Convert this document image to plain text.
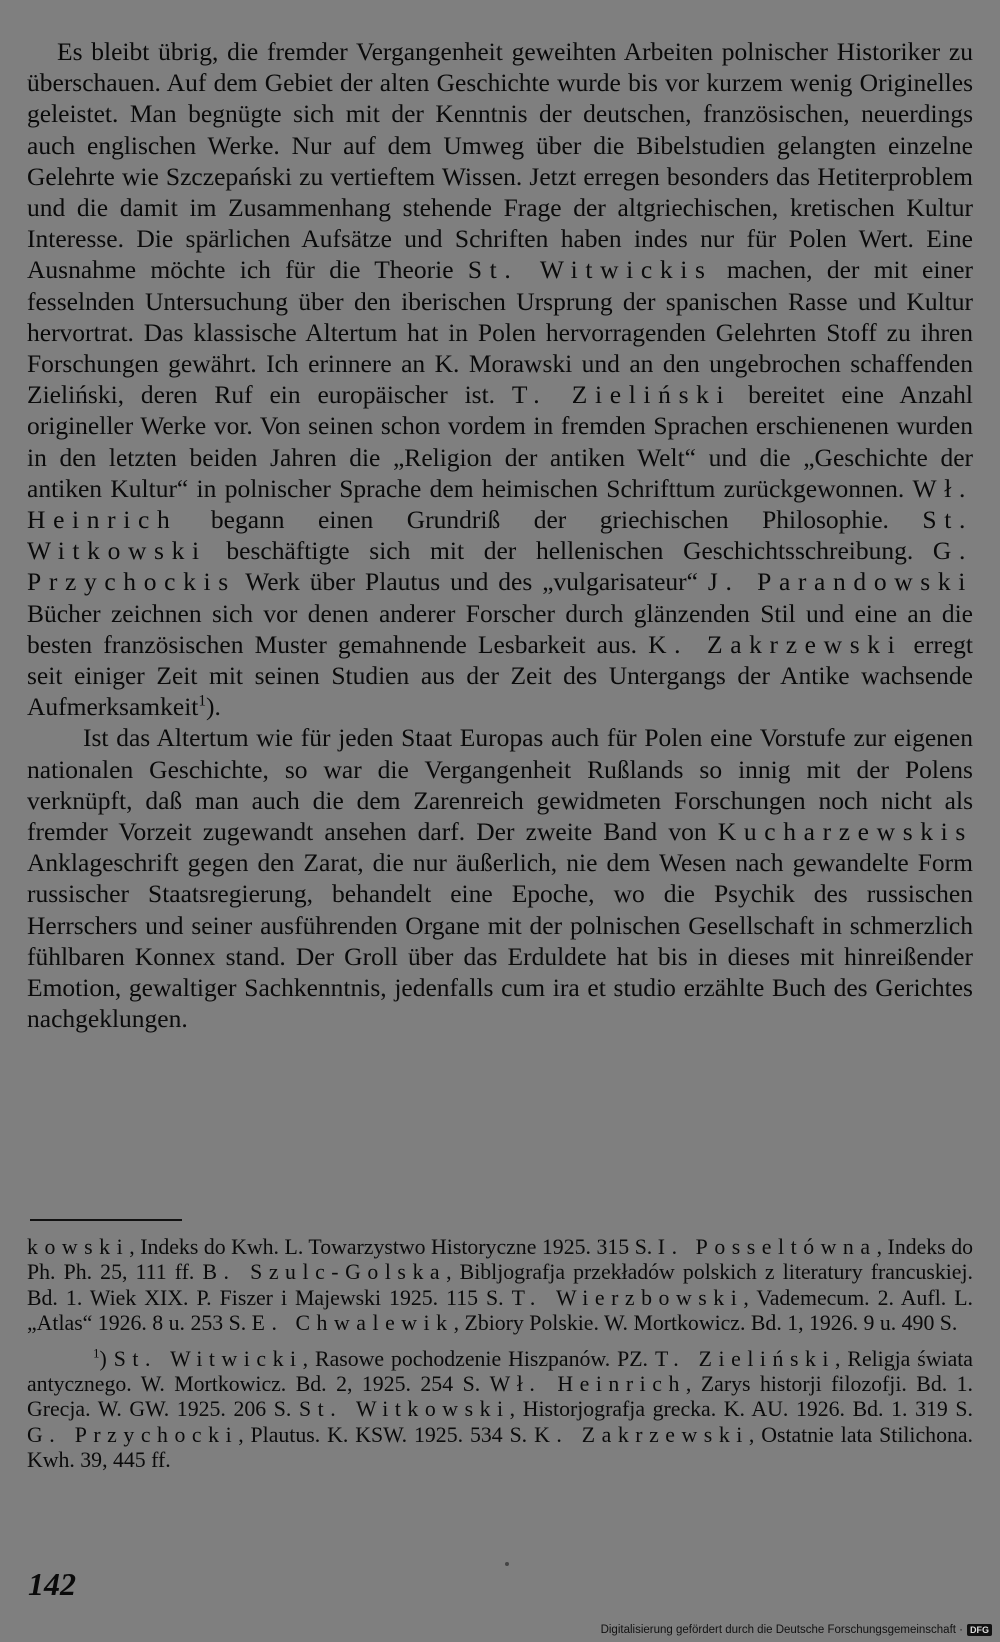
Es bleibt übrig, die fremder Vergangenheit geweihten Arbeiten polnischer Historiker zu überschauen. Auf dem Gebiet der alten Geschichte wurde bis vor kurzem wenig Originelles geleistet. Man begnügte sich mit der Kenntnis der deutschen, französischen, neuerdings auch englischen Werke. Nur auf dem Umweg über die Bibelstudien gelangten einzelne Gelehrte wie Szczepański zu vertieftem Wissen. Jetzt erregen besonders das Hetiterproblem und die damit im Zusammenhang stehende Frage der altgriechischen, kretischen Kultur Interesse. Die spärlichen Aufsätze und Schriften haben indes nur für Polen Wert. Eine Ausnahme möchte ich für die Theorie St. Witwickis machen, der mit einer fesselnden Untersuchung über den iberischen Ursprung der spanischen Rasse und Kultur hervortrat. Das klassische Altertum hat in Polen hervorragenden Gelehrten Stoff zu ihren Forschungen gewährt. Ich erinnere an K. Morawski und an den ungebrochen schaffenden Zieliński, deren Ruf ein europäischer ist. T. Zieliński bereitet eine Anzahl origineller Werke vor. Von seinen schon vordem in fremden Sprachen erschienenen wurden in den letzten beiden Jahren die „Religion der antiken Welt“ und die „Geschichte der antiken Kultur“ in polnischer Sprache dem heimischen Schrifttum zurückgewonnen. Wł. Heinrich begann einen Grundriß der griechischen Philosophie. St. Witkowski beschäftigte sich mit der hellenischen Geschichtsschreibung. G. Przychockis Werk über Plautus und des „vulgarisateur“ J. Parandowski Bücher zeichnen sich vor denen anderer Forscher durch glänzenden Stil und eine an die besten französischen Muster gemahnende Lesbarkeit aus. K. Zakrzewski erregt seit einiger Zeit mit seinen Studien aus der Zeit des Untergangs der Antike wachsende Aufmerksamkeit$^1$).

Ist das Altertum wie für jeden Staat Europas auch für Polen eine Vorstufe zur eigenen nationalen Geschichte, so war die Vergangenheit Rußlands so innig mit der Polens verknüpft, daß man auch die dem Zarenreich gewidmeten Forschungen noch nicht als fremder Vorzeit zugewandt ansehen darf. Der zweite Band von Kucharzewskis Anklageschrift gegen den Zarat, die nur äußerlich, nie dem Wesen nach gewandelte Form russischer Staatsregierung, behandelt eine Epoche, wo die Psychik des russischen Herrschers und seiner ausführenden Organe mit der polnischen Gesellschaft in schmerzlich fühlbaren Konnex stand. Der Groll über das Erduldete hat bis in dieses mit hinreißender Emotion, gewaltiger Sachkenntnis, jedenfalls cum ira et studio erzählte Buch des Gerichtes nachgeklungen.

kowski, Indeks do Kwh. L. Towarzystwo Historyczne 1925. 315 S. I. Posseltówna, Indeks do Ph. Ph. 25, 111 ff. B. Szulc-Golska, Bibljografja przekładów polskich z literatury francuskiej. Bd. 1. Wiek XIX. P. Fiszer i Majewski 1925. 115 S. T. Wierzbowski, Vademecum. 2. Aufl. L. „Atlas“ 1926. 8 u. 253 S. E. Chwalewik, Zbiory Polskie. W. Mortkowicz. Bd. 1, 1926. 9 u. 490 S.

$^1$) St. Witwicki, Rasowe pochodzenie Hiszpanów. PZ. T. Zieliński, Religja świata antycznego. W. Mortkowicz. Bd. 2, 1925. 254 S. Wł. Heinrich, Zarys historji filozofji. Bd. 1. Grecja. W. GW. 1925. 206 S. St. Witkowski, Historjografja grecka. K. AU. 1926. Bd. 1. 319 S. G. Przychocki, Plautus. K. KSW. 1925. 534 S. K. Zakrzewski, Ostatnie lata Stilichona. Kwh. 39, 445 ff.

142
Digitalisierung gefördert durch die Deutsche Forschungsgemeinschaft · DFG
